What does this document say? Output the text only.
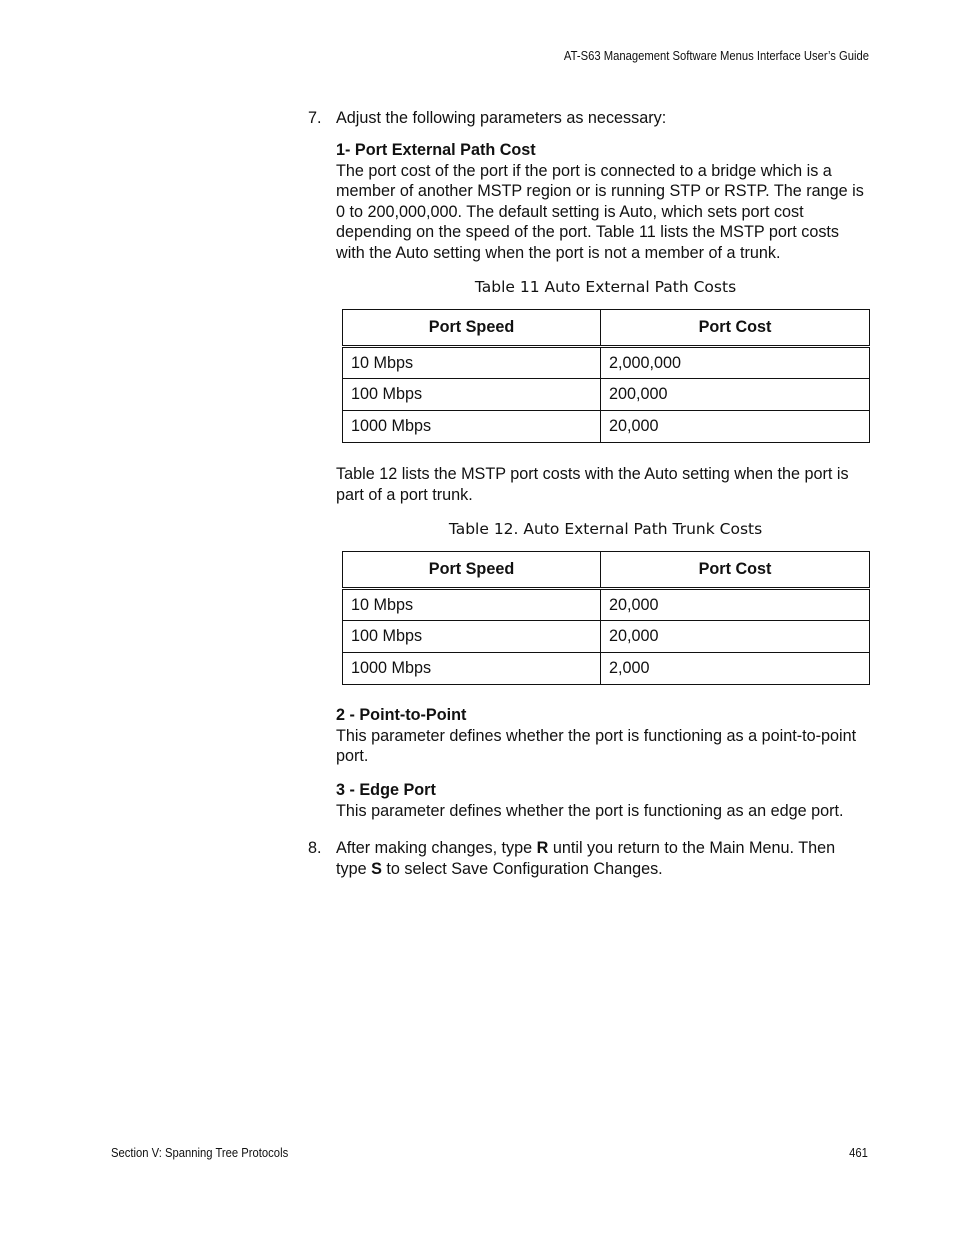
AT-S63 Management Software Menus Interface User’s Guide
7. Adjust the following parameters as necessary:
1- Port External Path Cost
The port cost of the port if the port is connected to a bridge which is a member of another MSTP region or is running STP or RSTP. The range is 0 to 200,000,000. The default setting is Auto, which sets port cost depending on the speed of the port. Table 11 lists the MSTP port costs with the Auto setting when the port is not a member of a trunk.
Table 11 Auto External Path Costs
Port Speed	Port Cost
10 Mbps	2,000,000
100 Mbps	200,000
1000 Mbps	20,000
Table 12 lists the MSTP port costs with the Auto setting when the port is part of a port trunk.
Table 12. Auto External Path Trunk Costs
Port Speed	Port Cost
10 Mbps	20,000
100 Mbps	20,000
1000 Mbps	2,000
2 - Point-to-Point
This parameter defines whether the port is functioning as a point-to-point port.
3 - Edge Port
This parameter defines whether the port is functioning as an edge port.
8. After making changes, type R until you return to the Main Menu. Then type S to select Save Configuration Changes.
Section V: Spanning Tree Protocols	461
